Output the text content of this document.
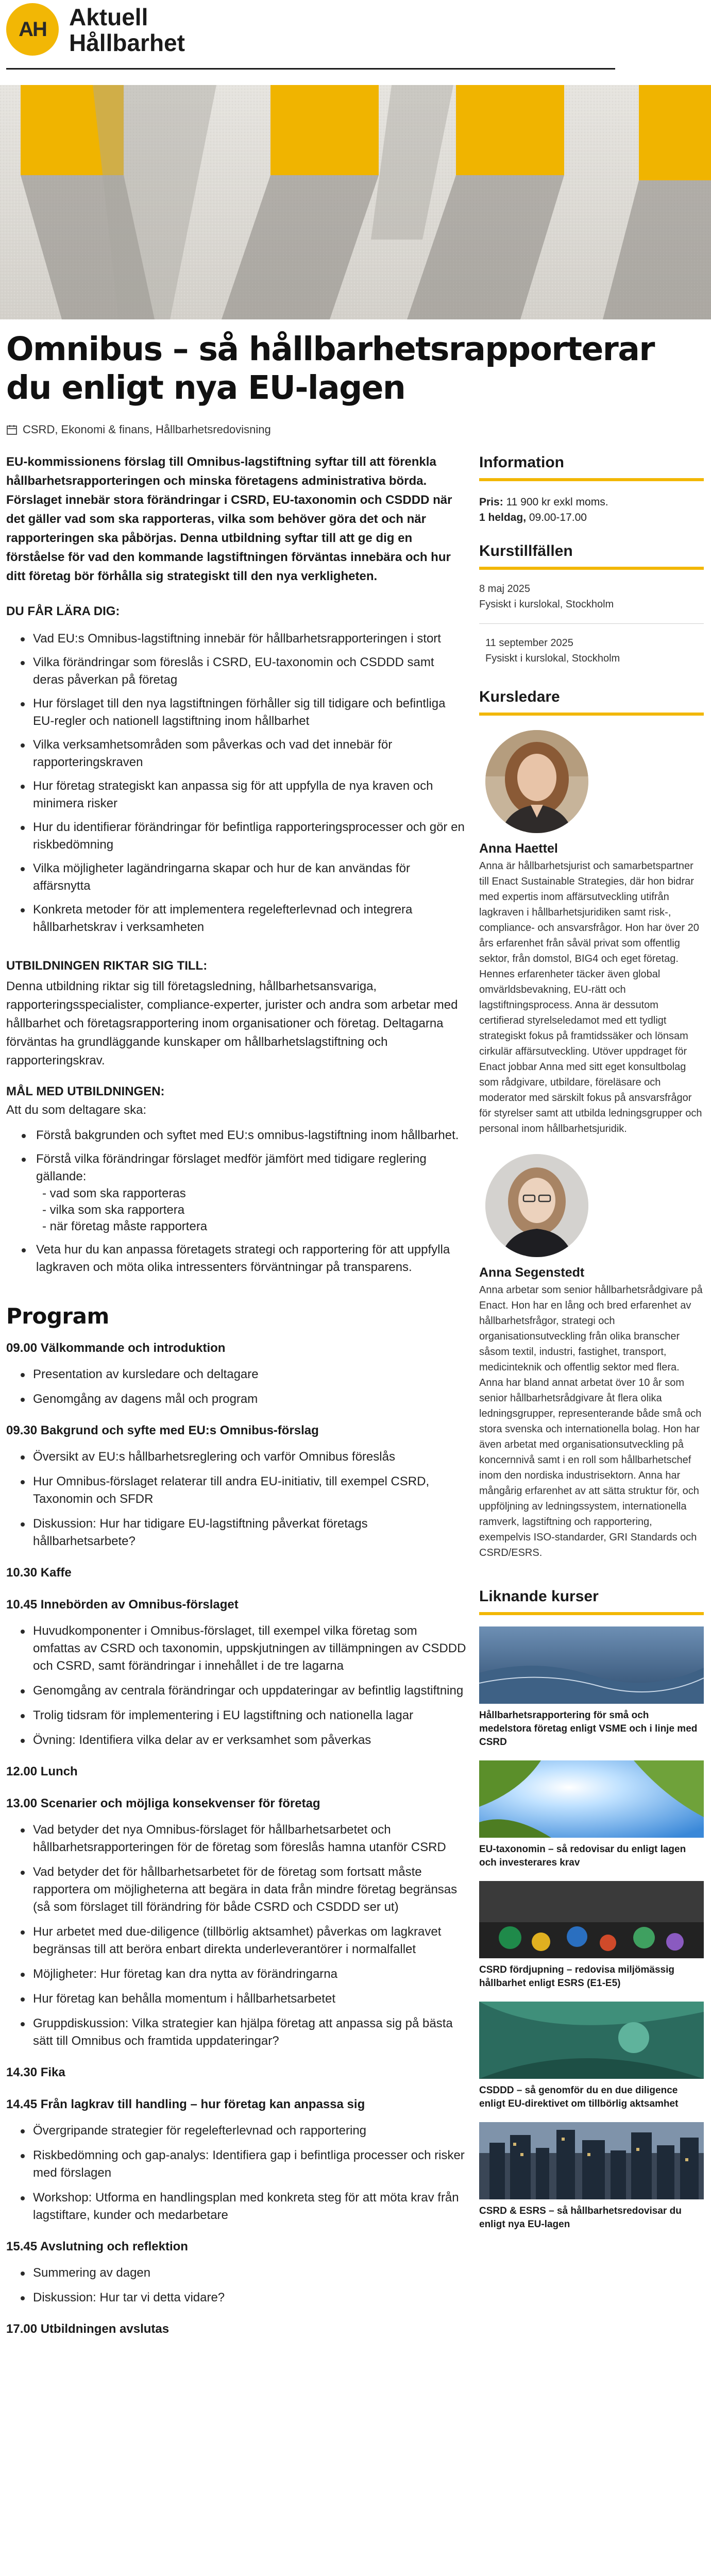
AH Aktuell
Hållbarhet
Omnibus – så hållbarhetsrapporterar du enligt nya EU-lagen
CSRD, Ekonomi & finans, Hållbarhetsredovisning

EU-kommissionens förslag till Omnibus-lagstiftning syftar till att förenkla hållbarhetsrapporteringen och minska företagens administrativa börda. Förslaget innebär stora förändringar i CSRD, EU-taxonomin och CSDDD när det gäller vad som ska rapporteras, vilka som behöver göra det och när rapporteringen ska påbörjas. Denna utbildning syftar till att ge dig en förståelse för vad den kommande lagstiftningen förväntas innebära och hur ditt företag bör förhålla sig strategiskt till den nya verkligheten.

DU FÅR LÄRA DIG:
Vad EU:s Omnibus-lagstiftning innebär för hållbarhetsrapporteringen i stort
Vilka förändringar som föreslås i CSRD, EU-taxonomin och CSDDD samt deras påverkan på företag
Hur förslaget till den nya lagstiftningen förhåller sig till tidigare och befintliga EU-regler och nationell lagstiftning inom hållbarhet
Vilka verksamhetsområden som påverkas och vad det innebär för rapporteringskraven
Hur företag strategiskt kan anpassa sig för att uppfylla de nya kraven och minimera risker
Hur du identifierar förändringar för befintliga rapporteringsprocesser och gör en riskbedömning
Vilka möjligheter lagändringarna skapar och hur de kan användas för affärsnytta
Konkreta metoder för att implementera regelefterlevnad och integrera hållbarhetskrav i verksamheten
UTBILDNINGEN RIKTAR SIG TILL:

Denna utbildning riktar sig till företagsledning, hållbarhetsansvariga, rapporteringsspecialister, compliance-experter, jurister och andra som arbetar med hållbarhet och företagsrapportering inom organisationer och företag. Deltagarna förväntas ha grundläggande kunskaper om hållbarhetslagstiftning och rapporteringskrav.

MÅL MED UTBILDNINGEN:

Att du som deltagare ska:

Förstå bakgrunden och syftet med EU:s omnibus-lagstiftning inom hållbarhet.
Förstå vilka förändringar förslaget medför jämfört med tidigare reglering gällande:
- vad som ska rapporteras
- vilka som ska rapportera
- när företag måste rapportera
Veta hur du kan anpassa företagets strategi och rapportering för att uppfylla lagkraven och möta olika intressenters förväntningar på transparens.
Program
09.00 Välkommande och introduktion
Presentation av kursledare och deltagare
Genomgång av dagens mål och program
09.30 Bakgrund och syfte med EU:s Omnibus-förslag
Översikt av EU:s hållbarhetsreglering och varför Omnibus föreslås
Hur Omnibus-förslaget relaterar till andra EU-initiativ, till exempel CSRD, Taxonomin och SFDR
Diskussion: Hur har tidigare EU-lagstiftning påverkat företags hållbarhetsarbete?
10.30 Kaffe
10.45 Innebörden av Omnibus-förslaget
Huvudkomponenter i Omnibus-förslaget, till exempel vilka företag som omfattas av CSRD och taxonomin, uppskjutningen av tillämpningen av CSDDD och CSRD, samt förändringar i innehållet i de tre lagarna
Genomgång av centrala förändringar och uppdateringar av befintlig lagstiftning
Trolig tidsram för implementering i EU lagstiftning och nationella lagar
Övning: Identifiera vilka delar av er verksamhet som påverkas
12.00 Lunch
13.00 Scenarier och möjliga konsekvenser för företag
Vad betyder det nya Omnibus-förslaget för hållbarhetsarbetet och hållbarhetsrapporteringen för de företag som föreslås hamna utanför CSRD
Vad betyder det för hållbarhetsarbetet för de företag som fortsatt måste rapportera om möjligheterna att begära in data från mindre företag begränsas (så som förslaget till förändring för både CSRD och CSDDD ser ut)
Hur arbetet med due-diligence (tillbörlig aktsamhet) påverkas om lagkravet begränsas till att beröra enbart direkta underleverantörer i normalfallet
Möjligheter: Hur företag kan dra nytta av förändringarna
Hur företag kan behålla momentum i hållbarhetsarbetet
Gruppdiskussion: Vilka strategier kan hjälpa företag att anpassa sig på bästa sätt till Omnibus och framtida uppdateringar?
14.30 Fika
14.45 Från lagkrav till handling – hur företag kan anpassa sig
Övergripande strategier för regelefterlevnad och rapportering
Riskbedömning och gap-analys: Identifiera gap i befintliga processer och risker med förslagen
Workshop: Utforma en handlingsplan med konkreta steg för att möta krav från lagstiftare, kunder och medarbetare
15.45 Avslutning och reflektion
Summering av dagen
Diskussion: Hur tar vi detta vidare?
17.00 Utbildningen avslutas
Information
Pris: 11 900 kr exkl moms.
1 heldag, 09.00-17.00
Kurstillfällen
8 maj 2025
Fysiskt i kurslokal, Stockholm
11 september 2025
Fysiskt i kurslokal, Stockholm
Kursledare
Anna Haettel

Anna är hållbarhetsjurist och samarbetspartner till Enact Sustainable Strategies, där hon bidrar med expertis inom affärsutveckling utifrån lagkraven i hållbarhetsjuridiken samt risk-, compliance- och ansvarsfrågor. Hon har över 20 års erfarenhet från såväl privat som offentlig sektor, från domstol, BIG4 och eget företag. Hennes erfarenheter täcker även global omvärldsbevakning, EU-rätt och lagstiftningsprocess. Anna är dessutom certifierad styrelseledamot med ett tydligt strategiskt fokus på framtidssäker och lönsam cirkulär affärsutveckling. Utöver uppdraget för Enact jobbar Anna med sitt eget konsultbolag som rådgivare, utbildare, föreläsare och moderator med särskilt fokus på ansvarsfrågor för styrelser samt att utbilda ledningsgrupper och personal inom hållbarhetsjuridik.

Anna Segenstedt

Anna arbetar som senior hållbarhetsrådgivare på Enact. Hon har en lång och bred erfarenhet av hållbarhetsfrågor, strategi och organisationsutveckling från olika branscher såsom textil, industri, fastighet, transport, medicinteknik och offentlig sektor med flera. Anna har bland annat arbetat över 10 år som senior hållbarhetsrådgivare åt flera olika ledningsgrupper, representerande både små och stora svenska och internationella bolag. Hon har även arbetat med organisationsutveckling på koncernnivå samt i en roll som hållbarhetschef inom den nordiska industrisektorn. Anna har mångårig erfarenhet av att sätta struktur för, och uppföljning av ledningssystem, internationella ramverk, lagstiftning och rapportering, exempelvis ISO-standarder, GRI Standards och CSRD/ESRS.

Liknande kurser
Hållbarhetsrapportering för små och medelstora företag enligt VSME och i linje med CSRD
EU-taxonomin – så redovisar du enligt lagen och investerares krav
CSRD fördjupning – redovisa miljömässig hållbarhet enligt ESRS (E1-E5)
CSDDD – så genomför du en due diligence enligt EU-direktivet om tillbörlig aktsamhet
CSRD & ESRS – så hållbarhetsredovisar du enligt nya EU-lagen
